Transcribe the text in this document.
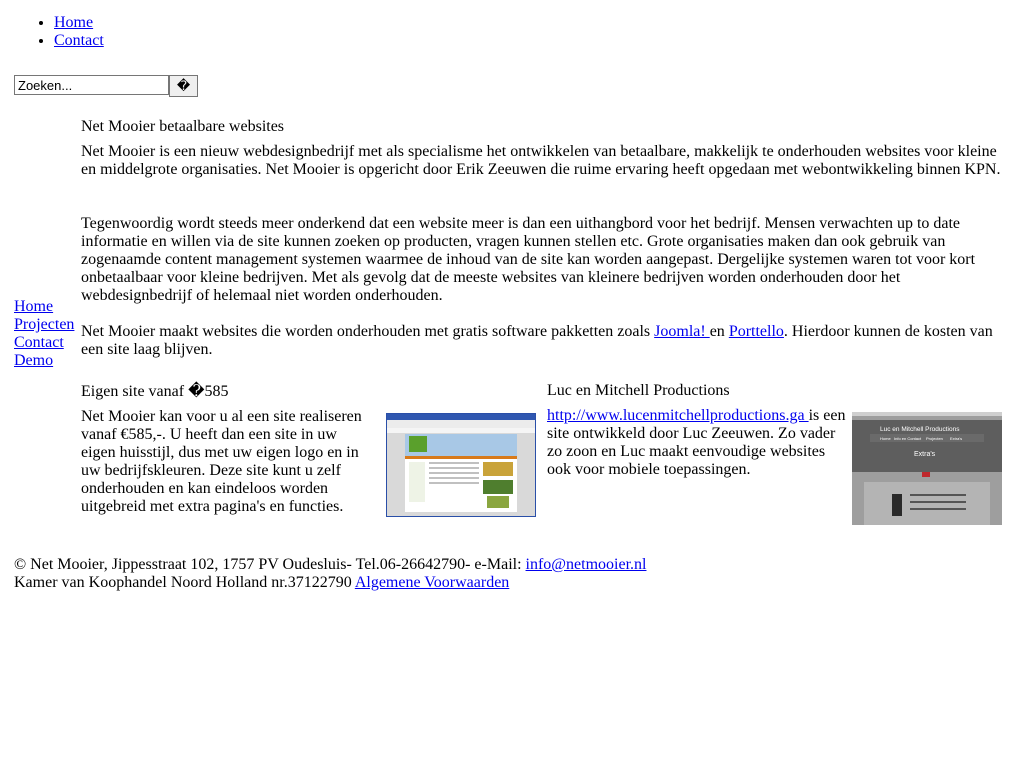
• Home
• Contact
Zoeken...
�
Home
Projecten
Contact
Demo
Net Mooier betaalbare websites

Net Mooier is een nieuw webdesignbedrijf met als specialisme het ontwikkelen van betaalbare, makkelijk te onderhouden websites voor kleine en middelgrote organisaties. Net Mooier is opgericht door Erik Zeeuwen die ruime ervaring heeft opgedaan met webontwikkeling binnen KPN.

Tegenwoordig wordt steeds meer onderkend dat een website meer is dan een uithangbord voor het bedrijf. Mensen verwachten up to date informatie en willen via de site kunnen zoeken op producten, vragen kunnen stellen etc. Grote organisaties maken dan ook gebruik van zogenaamde content management systemen waarmee de inhoud van de site kan worden aangepast. Dergelijke systemen waren tot voor kort onbetaalbaar voor kleine bedrijven. Met als gevolg dat de meeste websites van kleinere bedrijven worden onderhouden door het webdesignbedrijf of helemaal niet worden onderhouden.

Net Mooier maakt websites die worden onderhouden met gratis software pakketten zoals Joomla! en Porttello. Hierdoor kunnen de kosten van een site laag blijven.

Eigen site vanaf �585
Net Mooier kan voor u al een site realiseren vanaf €585,-. U heeft dan een site in uw eigen huisstijl, dus met uw eigen logo en in uw bedrijfskleuren. Deze site kunt u zelf onderhouden en kan eindeloos worden uitgebreid met extra pagina's en functies.
Luc en Mitchell Productions
http://www.lucenmitchellproductions.ga is een site ontwikkeld door Luc Zeeuwen. Zo vader zo zoon en Luc maakt eenvoudige websites ook voor mobiele toepassingen.
Luc en Mitchell Productions
Home Info en Contact Projecten Extra's
Extra's
© Net Mooier, Jippesstraat 102, 1757 PV Oudesluis- Tel.06-26642790- e-Mail: info@netmooier.nl
Kamer van Koophandel Noord Holland nr.37122790 Algemene Voorwaarden
